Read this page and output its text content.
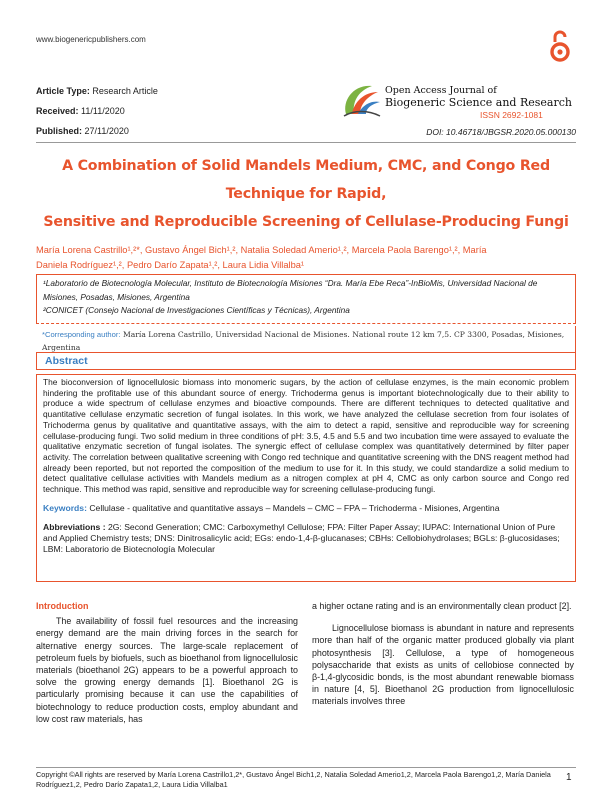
www.biogenericpublishers.com
Article Type: Research Article
Received: 11/11/2020
Published: 27/11/2020
Open Access Journal of
Biogeneric Science and Research
ISSN 2692-1081
DOI: 10.46718/JBGSR.2020.05.000130
A Combination of Solid Mandels Medium, CMC, and Congo Red Technique for Rapid,
Sensitive and Reproducible Screening of Cellulase-Producing Fungi
María Lorena Castrillo¹,²*, Gustavo Ángel Bich¹,², Natalia Soledad Amerio¹,², Marcela Paola Barengo¹,², María
Daniela Rodríguez¹,², Pedro Darío Zapata¹,², Laura Lidia Villalba¹
¹Laboratorio de Biotecnología Molecular, Instituto de Biotecnología Misiones “Dra. María Ebe Reca”-InBioMis, Universidad Nacional de Misiones, Posadas, Misiones, Argentina
²CONICET (Consejo Nacional de Investigaciones Científicas y Técnicas), Argentina
*Corresponding author: María Lorena Castrillo, Universidad Nacional de Misiones. National route 12 km 7,5. CP 3300, Posadas, Misiones, Argentina
Abstract
The bioconversion of lignocellulosic biomass into monomeric sugars, by the action of cellulase enzymes, is the main economic problem hindering the profitable use of this abundant source of energy. Trichoderma genus is important biotechnologically due to their ability to produce a wide spectrum of cellulase enzymes and bioactive compounds. There are different techniques to detected qualitative and quantitative cellulase enzymatic secretion of fungal isolates. In this work, we have analyzed the cellulase secretion from four isolates of Trichoderma genus by qualitative and quantitative assays, with the aim to detect a rapid, sensitive and reproducible way for screening cellulase-producing fungi. Two solid medium in three conditions of pH: 3.5, 4.5 and 5.5 and two incubation time were assayed to evaluate the qualitative enzymatic secretion of fungal isolates. The synergic effect of cellulase complex was quantitatively determined by filter paper activity. The correlation between qualitative screening with Congo red technique and quantitative screening with the DNS reagent method had already been reported, but not reported the composition of the medium to use for it. In this study, we could standardize a solid medium to detect qualitative cellulase activities with Mandels medium as a nitrogen complex at pH 4, CMC as only carbon source and Congo red technique. This method was rapid, sensitive and reproducible way for screening cellulase-producing fungi.
Keywords: Cellulase - qualitative and quantitative assays – Mandels – CMC – FPA – Trichoderma - Misiones, Argentina
Abbreviations : 2G: Second Generation; CMC: Carboxymethyl Cellulose; FPA: Filter Paper Assay; IUPAC: International Union of Pure and Applied Chemistry tests; DNS: Dinitrosalicylic acid; EGs: endo-1,4-β-glucanases; CBHs: Cellobiohydrolases; BGLs: β-glucosidases; LBM: Laboratorio de Biotecnología Molecular
Introduction

The availability of fossil fuel resources and the increasing energy demand are the main driving forces in the search for alternative energy sources. The large-scale replacement of petroleum fuels by biofuels, such as bioethanol from lignocellulosic materials (bioethanol 2G) appears to be a powerful approach to solve the growing energy demands [1]. Bioethanol 2G is particularly promising because it can use the capabilities of biotechnology to reduce production costs, employ abundant and low cost raw materials, has

a higher octane rating and is an environmentally clean product [2].

Lignocellulose biomass is abundant in nature and represents more than half of the organic matter produced globally via plant photosynthesis [3]. Cellulose, a type of homogeneous polysaccharide that exists as units of cellobiose connected by β-1,4-glycosidic bonds, is the most abundant renewable biomass in nature [4, 5]. Bioethanol 2G production from lignocellulosic materials involves three

Copyright ©All rights are reserved by María Lorena Castrillo1,2*, Gustavo Ángel Bich1,2, Natalia Soledad Amerio1,2, Marcela Paola Barengo1,2, María Daniela Rodríguez1,2, Pedro Darío Zapata1,2, Laura Lidia Villalba1
1
